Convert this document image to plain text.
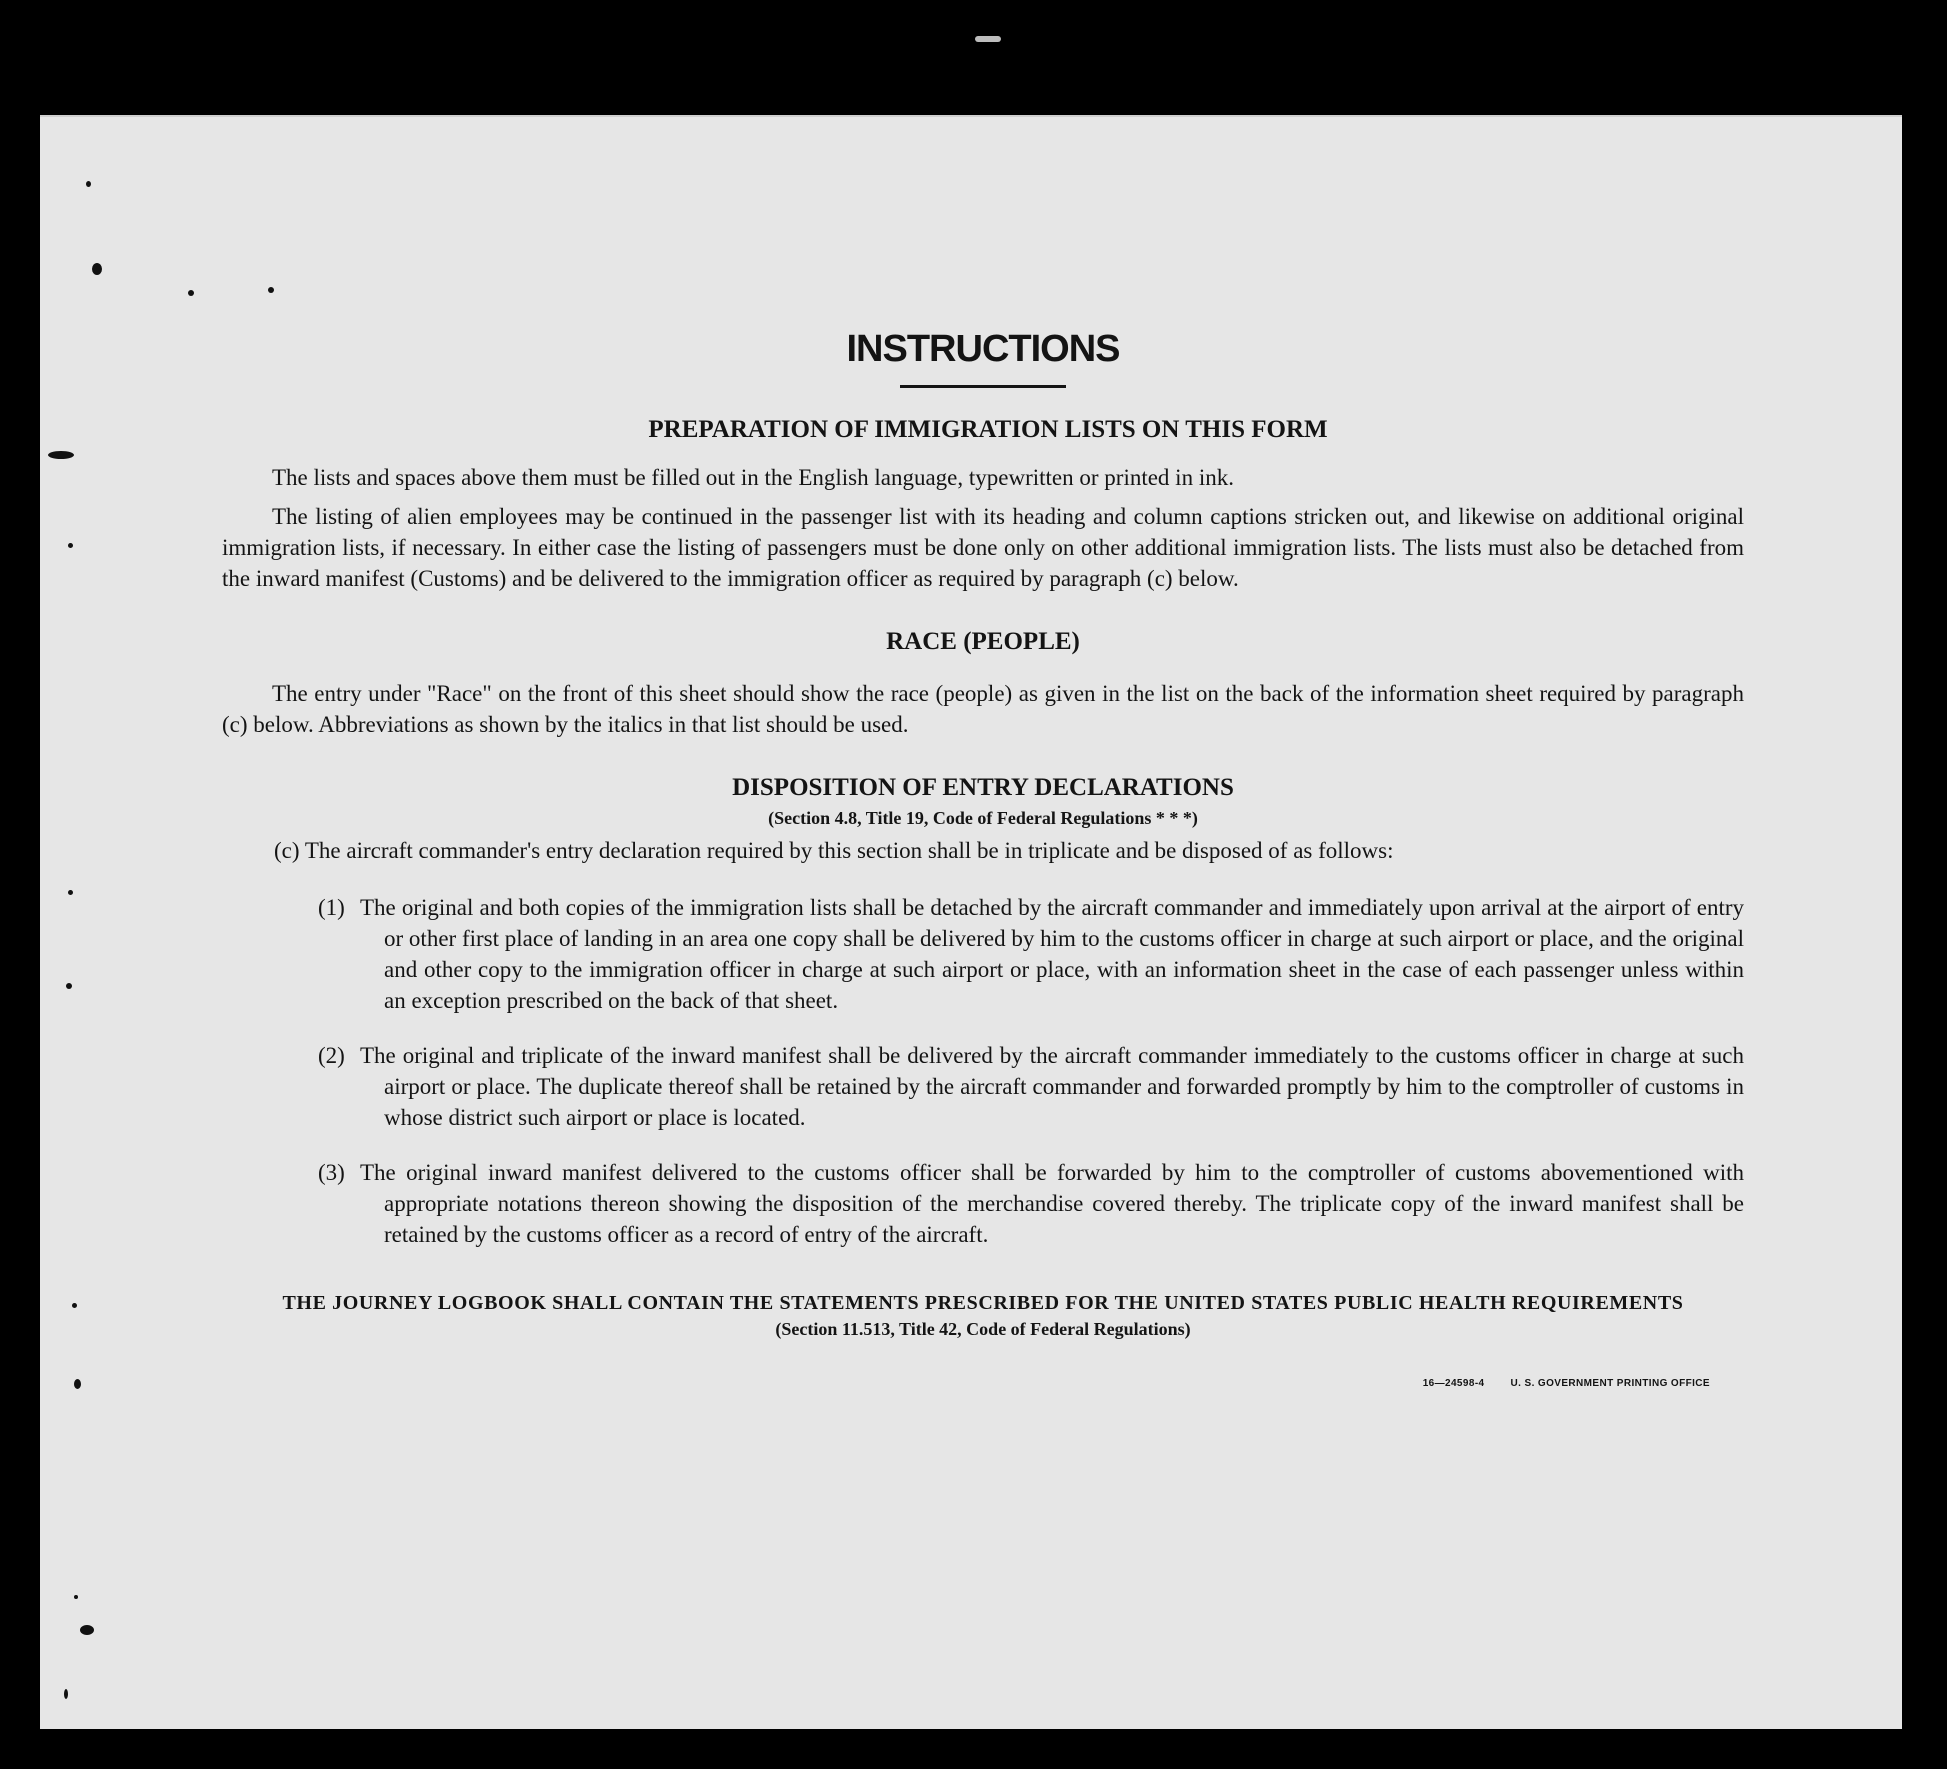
INSTRUCTIONS
PREPARATION OF IMMIGRATION LISTS ON THIS FORM
The lists and spaces above them must be filled out in the English language, typewritten or printed in ink.
The listing of alien employees may be continued in the passenger list with its heading and column captions stricken out, and likewise on additional original immigration lists, if necessary. In either case the listing of passengers must be done only on other additional immigration lists. The lists must also be detached from the inward manifest (Customs) and be delivered to the immigration officer as required by paragraph (c) below.
RACE (PEOPLE)
The entry under "Race" on the front of this sheet should show the race (people) as given in the list on the back of the information sheet required by paragraph (c) below. Abbreviations as shown by the italics in that list should be used.
DISPOSITION OF ENTRY DECLARATIONS
(Section 4.8, Title 19, Code of Federal Regulations * * *)
(c) The aircraft commander's entry declaration required by this section shall be in triplicate and be disposed of as follows:
(1) The original and both copies of the immigration lists shall be detached by the aircraft commander and immediately upon arrival at the airport of entry or other first place of landing in an area one copy shall be delivered by him to the customs officer in charge at such airport or place, and the original and other copy to the immigration officer in charge at such airport or place, with an information sheet in the case of each passenger unless within an exception prescribed on the back of that sheet.
(2) The original and triplicate of the inward manifest shall be delivered by the aircraft commander immediately to the customs officer in charge at such airport or place. The duplicate thereof shall be retained by the aircraft commander and forwarded promptly by him to the comptroller of customs in whose district such airport or place is located.
(3) The original inward manifest delivered to the customs officer shall be forwarded by him to the comptroller of customs abovementioned with appropriate notations thereon showing the disposition of the merchandise covered thereby. The triplicate copy of the inward manifest shall be retained by the customs officer as a record of entry of the aircraft.
THE JOURNEY LOGBOOK SHALL CONTAIN THE STATEMENTS PRESCRIBED FOR THE UNITED STATES PUBLIC HEALTH REQUIREMENTS
(Section 11.513, Title 42, Code of Federal Regulations)
16—24598-4	U. S. GOVERNMENT PRINTING OFFICE
